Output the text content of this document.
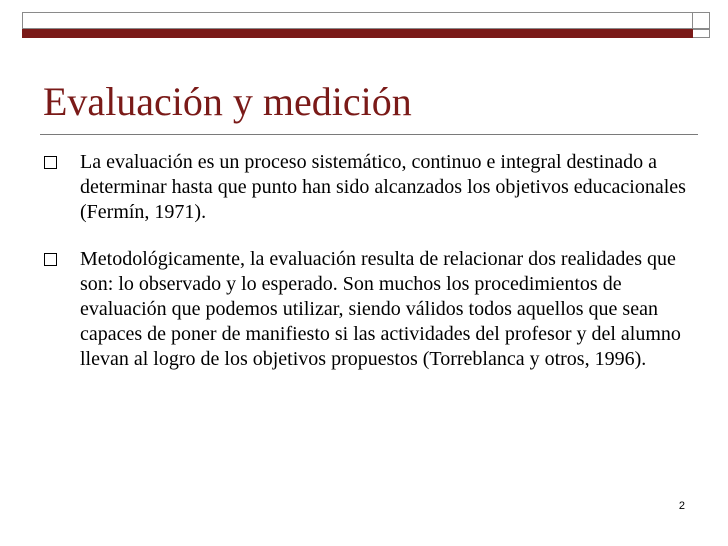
Evaluación y medición
La evaluación es un proceso sistemático, continuo e integral destinado a determinar hasta que punto han sido alcanzados los objetivos educacionales (Fermín, 1971).
Metodológicamente, la evaluación resulta de relacionar dos realidades que son: lo observado y lo esperado. Son muchos los procedimientos de evaluación que podemos utilizar, siendo válidos todos aquellos que sean capaces de poner de manifiesto si las actividades del profesor y del alumno llevan al logro de los objetivos propuestos (Torreblanca y otros, 1996).
2
